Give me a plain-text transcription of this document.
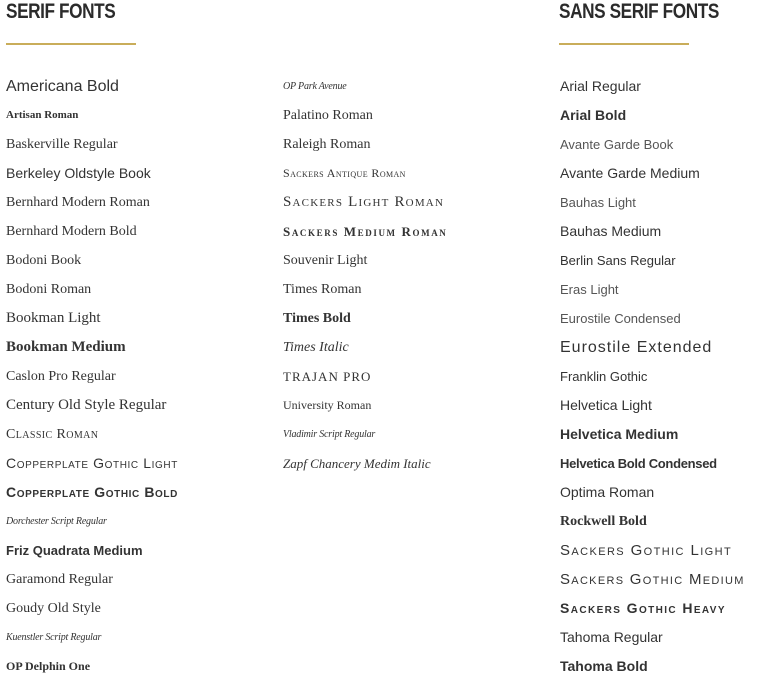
SERIF FONTS	SANS SERIF FONTS
Americana Bold
Artisan Roman
Baskerville Regular
Berkeley Oldstyle Book
Bernhard Modern Roman
Bernhard Modern Bold
Bodoni Book
Bodoni Roman
Bookman Light
Bookman Medium
Caslon Pro Regular
Century Old Style Regular
Classic Roman
Copperplate Gothic Light
Copperplate Gothic Bold
Dorchester Script Regular
Friz Quadrata Medium
Garamond Regular
Goudy Old Style
Kuenstler Script Regular
OP Delphin One
OP Park Avenue
Palatino Roman
Raleigh Roman
Sackers Antique Roman
Sackers Light Roman
Sackers Medium Roman
Souvenir Light
Times Roman
Times Bold
Times Italic
TRAJAN PRO
University Roman
Vladimir Script Regular
Zapf Chancery Medim Italic
Arial Regular
Arial Bold
Avante Garde Book
Avante Garde Medium
Bauhas Light
Bauhas Medium
Berlin Sans Regular
Eras Light
Eurostile Condensed
Eurostile Extended
Franklin Gothic
Helvetica Light
Helvetica Medium
Helvetica Bold Condensed
Optima Roman
Rockwell Bold
Sackers Gothic Light
Sackers Gothic Medium
Sackers Gothic Heavy
Tahoma Regular
Tahoma Bold
